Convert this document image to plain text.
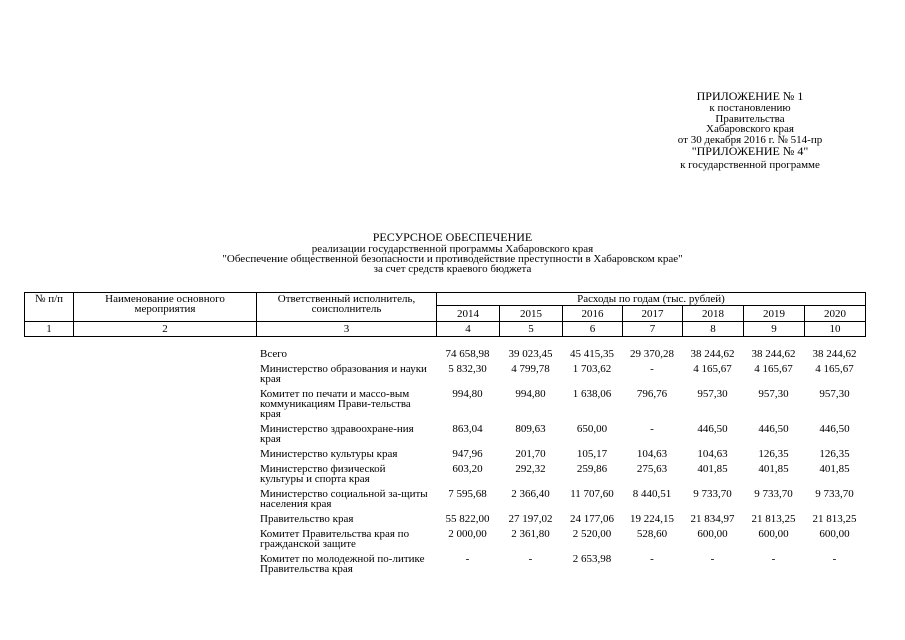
ПРИЛОЖЕНИЕ № 1
к постановлению
Правительства
Хабаровского края
от 30 декабря 2016 г. № 514-пр
"ПРИЛОЖЕНИЕ № 4"
к государственной программе
РЕСУРСНОЕ ОБЕСПЕЧЕНИЕ
реализации государственной программы Хабаровского края
"Обеспечение общественной безопасности и противодействие преступности в Хабаровском крае"
за счет средств краевого бюджета
№ п/п	Наименование основного мероприятия	Ответственный исполнитель, соисполнитель	Расходы по годам (тыс. рублей)						
			2014	2015	2016	2017	2018	2019	2020
1	2	3	4	5	6	7	8	9	10
		Всего	74 658,98	39 023,45	45 415,35	29 370,28	38 244,62	38 244,62	38 244,62
		Министерство образования и науки края	5 832,30	4 799,78	1 703,62	-	4 165,67	4 165,67	4 165,67
		Комитет по печати и массо-вым коммуникациям Прави-тельства края	994,80	994,80	1 638,06	796,76	957,30	957,30	957,30
		Министерство здравоохране-ния края	863,04	809,63	650,00	-	446,50	446,50	446,50
		Министерство культуры края	947,96	201,70	105,17	104,63	104,63	126,35	126,35
		Министерство физической культуры и спорта края	603,20	292,32	259,86	275,63	401,85	401,85	401,85
		Министерство социальной за-щиты населения края	7 595,68	2 366,40	11 707,60	8 440,51	9 733,70	9 733,70	9 733,70
		Правительство края	55 822,00	27 197,02	24 177,06	19 224,15	21 834,97	21 813,25	21 813,25
		Комитет Правительства края по гражданской защите	2 000,00	2 361,80	2 520,00	528,60	600,00	600,00	600,00
		Комитет по молодежной по-литике Правительства края	-	-	2 653,98	-	-	-	-
